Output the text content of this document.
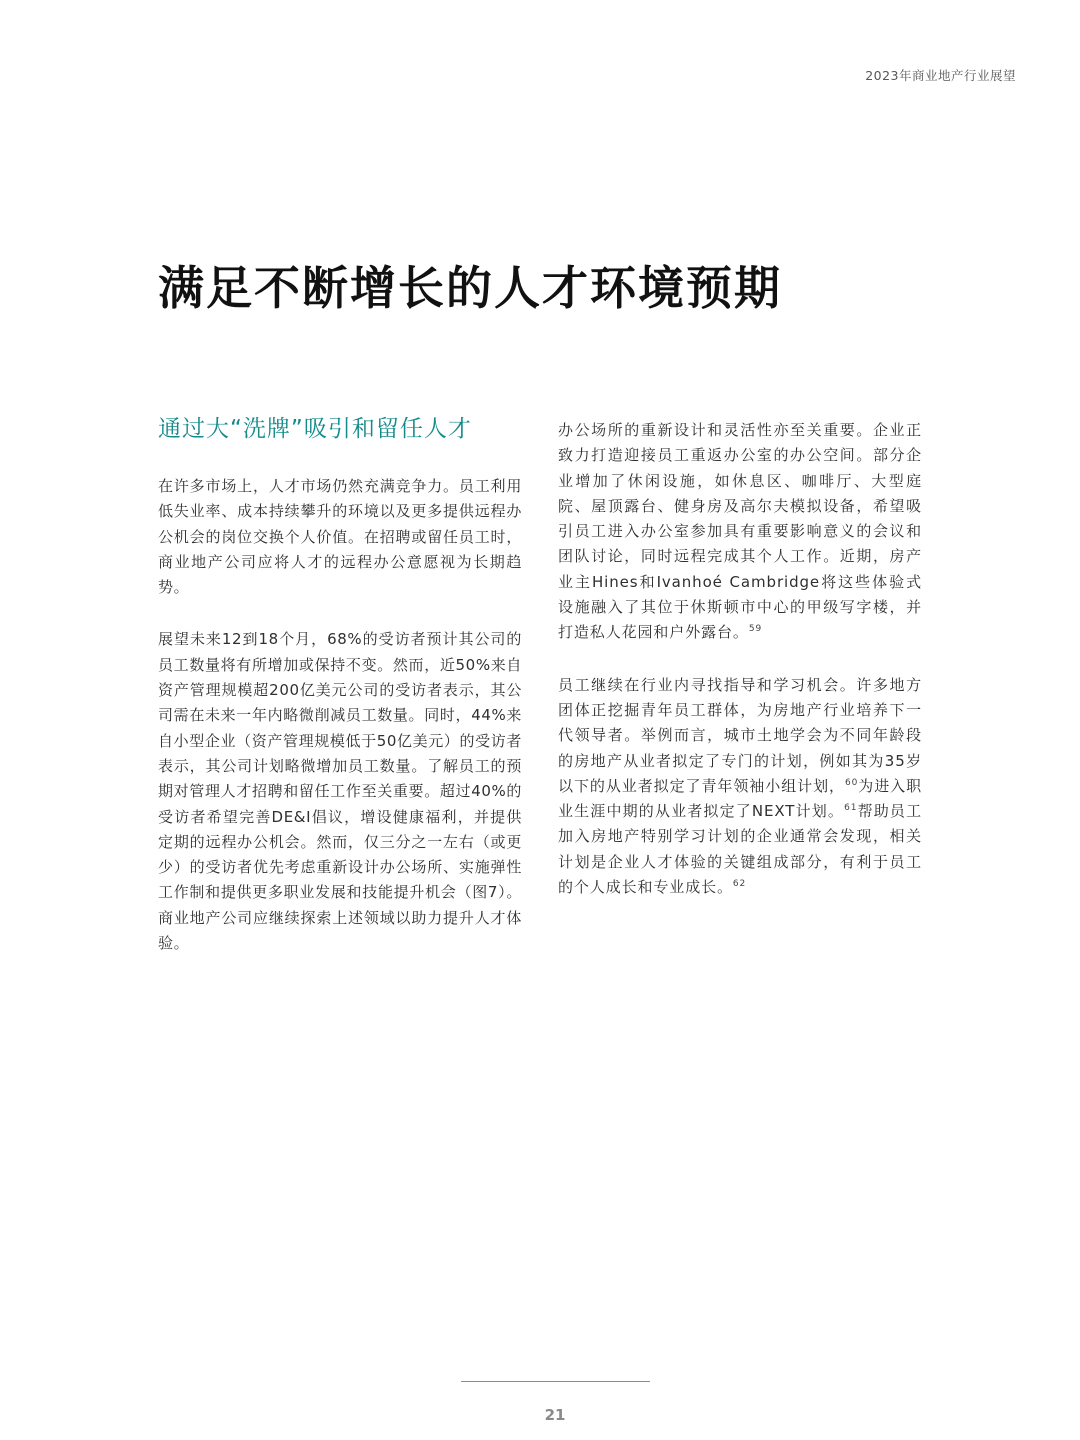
2023年商业地产行业展望
满足不断增长的人才环境预期
通过大“洗牌”吸引和留任人才

在许多市场上，人才市场仍然充满竞争力。员工利用低失业率、成本持续攀升的环境以及更多提供远程办公机会的岗位交换个人价值。在招聘或留任员工时，商业地产公司应将人才的远程办公意愿视为长期趋势。

展望未来12到18个月，68%的受访者预计其公司的员工数量将有所增加或保持不变。然而，近50%来自资产管理规模超200亿美元公司的受访者表示，其公司需在未来一年内略微削减员工数量。同时，44%来自小型企业（资产管理规模低于50亿美元）的受访者表示，其公司计划略微增加员工数量。了解员工的预期对管理人才招聘和留任工作至关重要。超过40%的受访者希望完善DE&I倡议，增设健康福利，并提供定期的远程办公机会。然而，仅三分之一左右（或更少）的受访者优先考虑重新设计办公场所、实施弹性工作制和提供更多职业发展和技能提升机会（图7）。商业地产公司应继续探索上述领域以助力提升人才体验。

办公场所的重新设计和灵活性亦至关重要。企业正致力打造迎接员工重返办公室的办公空间。部分企业增加了休闲设施，如休息区、咖啡厅、大型庭院、屋顶露台、健身房及高尔夫模拟设备，希望吸引员工进入办公室参加具有重要影响意义的会议和团队讨论，同时远程完成其个人工作。近期，房产业主Hines和Ivanhoé Cambridge将这些体验式设施融入了其位于休斯顿市中心的甲级写字楼，并打造私人花园和户外露台。$^{59}$

员工继续在行业内寻找指导和学习机会。许多地方团体正挖掘青年员工群体，为房地产行业培养下一代领导者。举例而言，城市土地学会为不同年龄段的房地产从业者拟定了专门的计划，例如其为35岁以下的从业者拟定了青年领袖小组计划，$^{60}$为进入职业生涯中期的从业者拟定了NEXT计划。$^{61}$帮助员工加入房地产特别学习计划的企业通常会发现，相关计划是企业人才体验的关键组成部分，有利于员工的个人成长和专业成长。$^{62}$

21
